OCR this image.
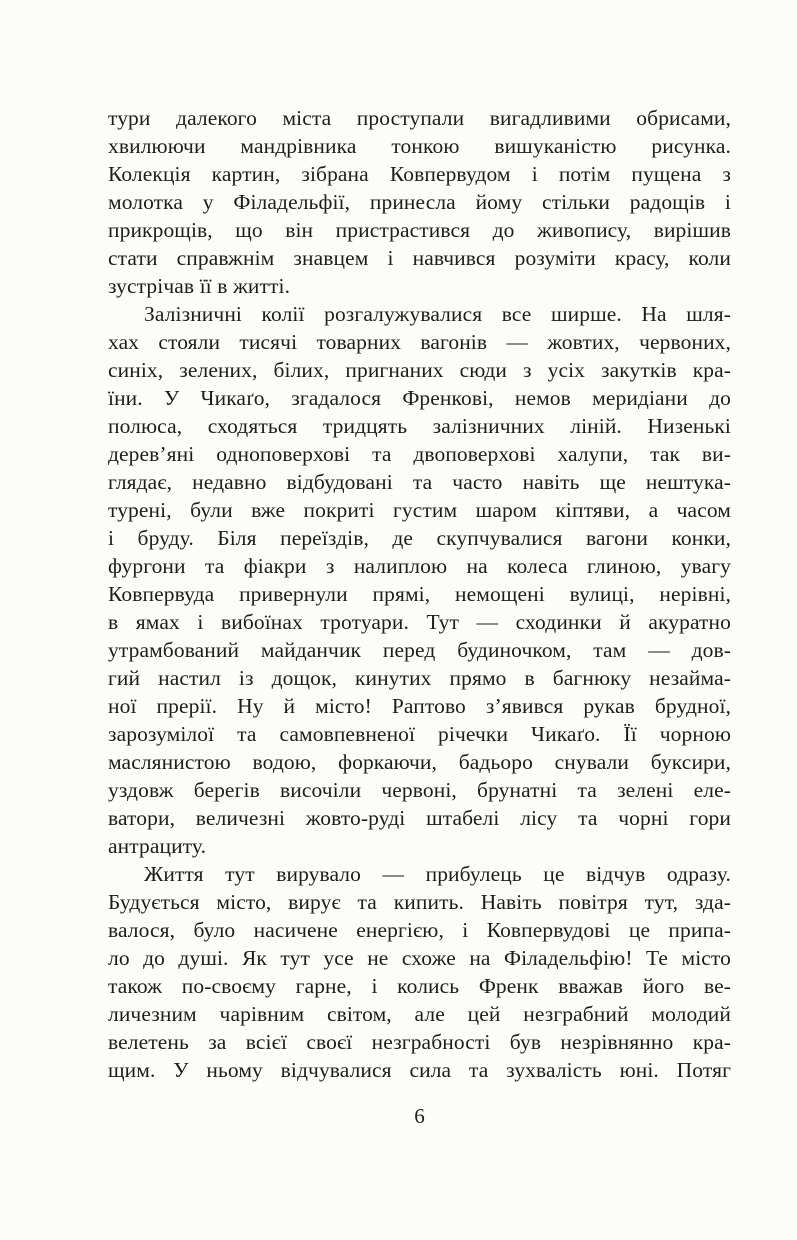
тури далекого міста проступали вигадливими обрисами,
хвилюючи мандрівника тонкою вишуканістю рисунка.
Колекція картин, зібрана Ковпервудом і потім пущена з
молотка у Філадельфії, принесла йому стільки радощів і
прикрощів, що він пристрастився до живопису, вирішив
стати справжнім знавцем і навчився розуміти красу, коли
зустрічав її в житті.
Залізничні колії розгалужувалися все ширше. На шля-
хах стояли тисячі товарних вагонів — жовтих, червоних,
синіх, зелених, білих, пригнаних сюди з усіх закутків кра-
їни. У Чикаґо, згадалося Френкові, немов меридіани до
полюса, сходяться тридцять залізничних ліній. Низенькі
дерев’яні одноповерхові та двоповерхові халупи, так ви-
глядає, недавно відбудовані та часто навіть ще нештука-
турені, були вже покриті густим шаром кіптяви, а часом
і бруду. Біля переїздів, де скупчувалися вагони конки,
фургони та фіакри з налиплою на колеса глиною, увагу
Ковпервуда привернули прямі, немощені вулиці, нерівні,
в ямах і вибоїнах тротуари. Тут — сходинки й акуратно
утрамбований майданчик перед будиночком, там — дов-
гий настил із дощок, кинутих прямо в багнюку незайма-
ної прерії. Ну й місто! Раптово з’явився рукав брудної,
зарозумілої та самовпевненої річечки Чикаґо. Її чорною
маслянистою водою, форкаючи, бадьоро снували буксири,
уздовж берегів височіли червоні, брунатні та зелені еле-
ватори, величезні жовто-руді штабелі лісу та чорні гори
антрациту.
Життя тут вирувало — прибулець це відчув одразу.
Будується місто, вирує та кипить. Навіть повітря тут, зда-
валося, було насичене енергією, і Ковпервудові це припа-
ло до душі. Як тут усе не схоже на Філадельфію! Те місто
також по-своєму гарне, і колись Френк вважав його ве-
личезним чарівним світом, але цей незграбний молодий
велетень за всієї своєї незграбності був незрівнянно кра-
щим. У ньому відчувалися сила та зухвалість юні. Потяг
6
